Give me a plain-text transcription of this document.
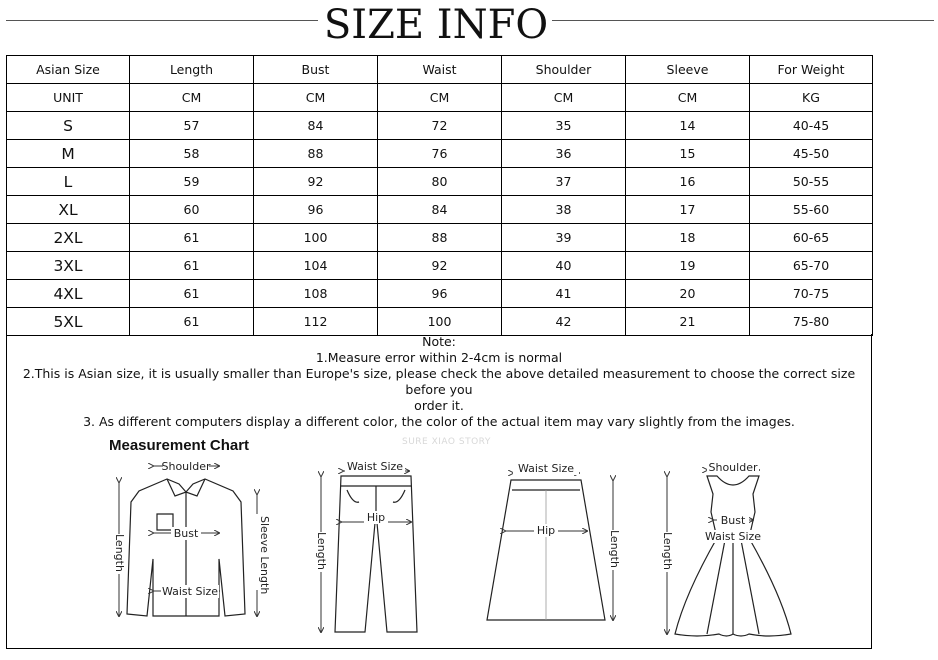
SIZE INFO
Asian Size	Length	Bust	Waist	Shoulder	Sleeve	For Weight
UNIT	CM	CM	CM	CM	CM	KG
S	57	84	72	35	14	40-45
M	58	88	76	36	15	45-50
L	59	92	80	37	16	50-55
XL	60	96	84	38	17	55-60
2XL	61	100	88	39	18	60-65
3XL	61	104	92	40	19	65-70
4XL	61	108	96	41	20	70-75
5XL	61	112	100	42	21	75-80
Note:
1.Measure error within 2-4cm is normal
2.This is Asian size, it is usually smaller than Europe's size, please check the above detailed measurement to choose the correct size before you
order it.
3. As different computers display a different color, the color of the actual item may vary slightly from the images.
Measurement Chart	SURE XIAO STORY
Shoulder
Bust
Waist Size
Length	Sleeve Length
Waist Size
Hip
Length
Waist Size
Hip	Length
Shoulder
Bust
Waist Size
Length
